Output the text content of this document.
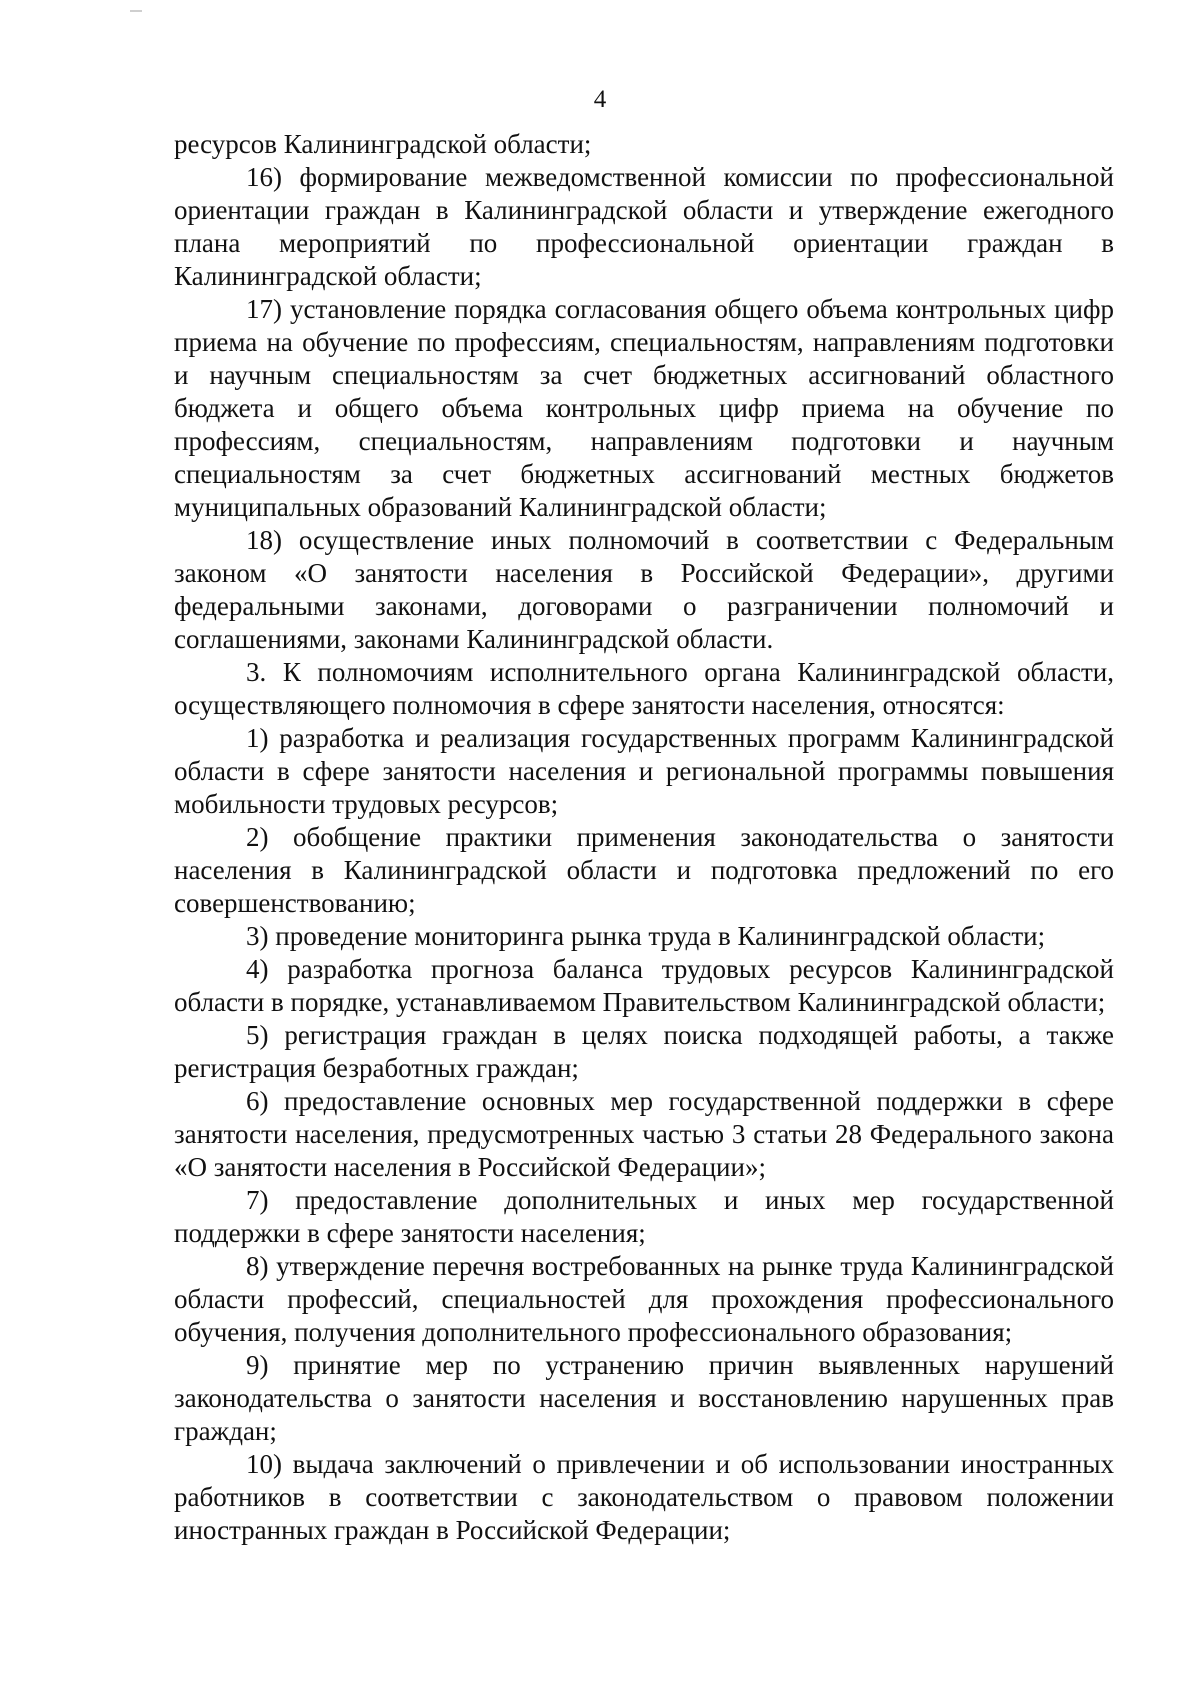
4

ресурсов Калининградской области;

16) формирование межведомственной комиссии по профессиональной ориентации граждан в Калининградской области и утверждение ежегодного плана мероприятий по профессиональной ориентации граждан в Калининградской области;

17) установление порядка согласования общего объема контрольных цифр приема на обучение по профессиям, специальностям, направлениям подготовки и научным специальностям за счет бюджетных ассигнований областного бюджета и общего объема контрольных цифр приема на обучение по профессиям, специальностям, направлениям подготовки и научным специальностям за счет бюджетных ассигнований местных бюджетов муниципальных образований Калининградской области;

18) осуществление иных полномочий в соответствии с Федеральным законом «О занятости населения в Российской Федерации», другими федеральными законами, договорами о разграничении полномочий и соглашениями, законами Калининградской области.

3. К полномочиям исполнительного органа Калининградской области, осуществляющего полномочия в сфере занятости населения, относятся:

1) разработка и реализация государственных программ Калининградской области в сфере занятости населения и региональной программы повышения мобильности трудовых ресурсов;

2) обобщение практики применения законодательства о занятости населения в Калининградской области и подготовка предложений по его совершенствованию;

3) проведение мониторинга рынка труда в Калининградской области;

4) разработка прогноза баланса трудовых ресурсов Калининградской области в порядке, устанавливаемом Правительством Калининградской области;

5) регистрация граждан в целях поиска подходящей работы, а также регистрация безработных граждан;

6) предоставление основных мер государственной поддержки в сфере занятости населения, предусмотренных частью 3 статьи 28 Федерального закона «О занятости населения в Российской Федерации»;

7) предоставление дополнительных и иных мер государственной поддержки в сфере занятости населения;

8) утверждение перечня востребованных на рынке труда Калининградской области профессий, специальностей для прохождения профессионального обучения, получения дополнительного профессионального образования;

9) принятие мер по устранению причин выявленных нарушений законодательства о занятости населения и восстановлению нарушенных прав граждан;

10) выдача заключений о привлечении и об использовании иностранных работников в соответствии с законодательством о правовом положении иностранных граждан в Российской Федерации;
